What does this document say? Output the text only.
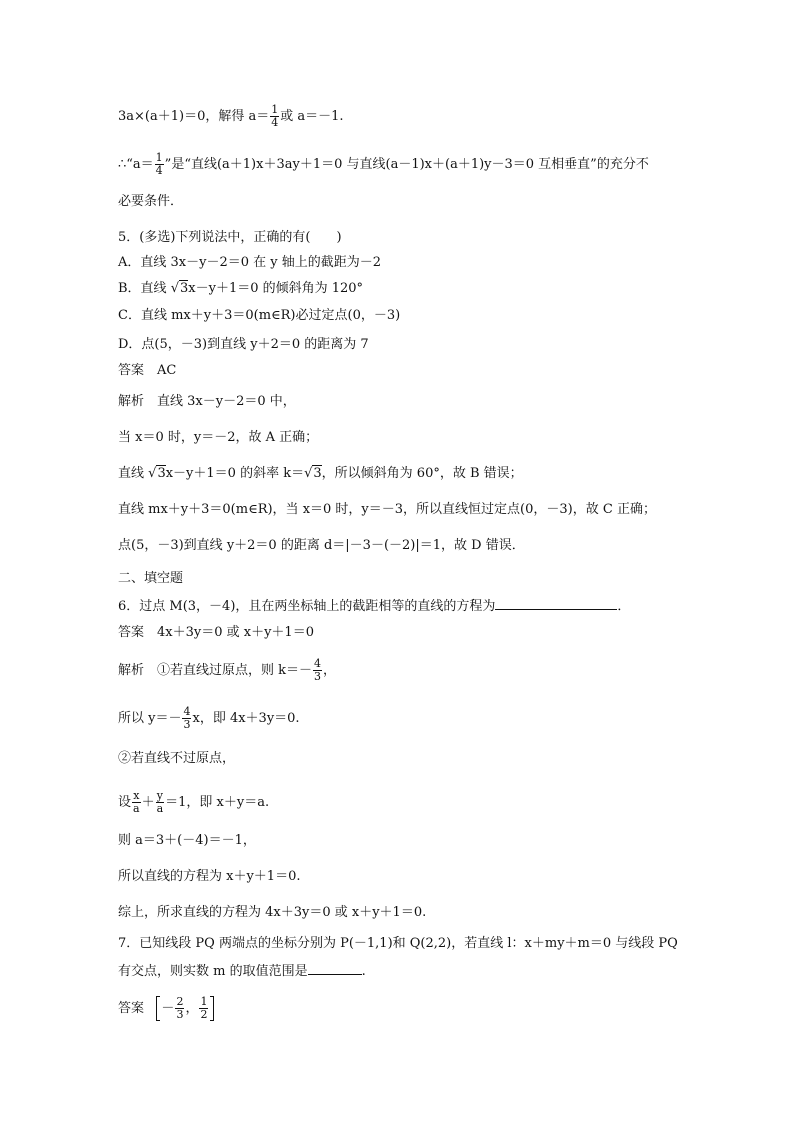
3a×(a＋1)＝0，解得 $a= \frac{1}{4}$ 或 a＝－1.
∴“a＝ $\frac{1}{4}$ ”是“直线(a＋1)x＋3ay＋1＝0 与直线(a－1)x＋(a＋1)y－3＝0 互相垂直”的充分不
必要条件．
5．(多选)下列说法中，正确的有(　　)
A．直线 3x－y－2＝0 在 y 轴上的截距为－2
B．直线 √3x－y＋1＝0 的倾斜角为 120°
C．直线 mx＋y＋3＝0(m∈R)必过定点(0，－3)
D．点(5，－3)到直线 y＋2＝0 的距离为 7
答案　AC
解析　直线 3x－y－2＝0 中，
当 x＝0 时，y＝－2，故 A 正确；
直线 √3x－y＋1＝0 的斜率 k＝√3，所以倾斜角为 60°，故 B 错误；
直线 mx＋y＋3＝0(m∈R)，当 x＝0 时，y＝－3，所以直线恒过定点(0，－3)，故 C 正确；
点(5，－3)到直线 y＋2＝0 的距离 d＝|－3－(－2)|＝1，故 D 错误．
二、填空题
6．过点 M(3，－4)，且在两坐标轴上的截距相等的直线的方程为	．
答案　4x＋3y＝0 或 x＋y＋1＝0
解析　①若直线过原点，则 $k=- \frac{4}{3}$ ，
所以 $y=- \frac{4}{3}$ x，即 4x＋3y＝0.
②若直线不过原点，
设 $\frac{x}{a} + \frac{y}{a} =1$，即 x＋y＝a.
则 a＝3＋(－4)＝－1，
所以直线的方程为 x＋y＋1＝0.
综上，所求直线的方程为 4x＋3y＝0 或 x＋y＋1＝0.
7．已知线段 PQ 两端点的坐标分别为 P(－1,1)和 Q(2,2)，若直线 l：x＋my＋m＝0 与线段 PQ
有交点，则实数 m 的取值范围是	.
答案 － $\frac{2}{3}$ ， $\frac{1}{2}$
